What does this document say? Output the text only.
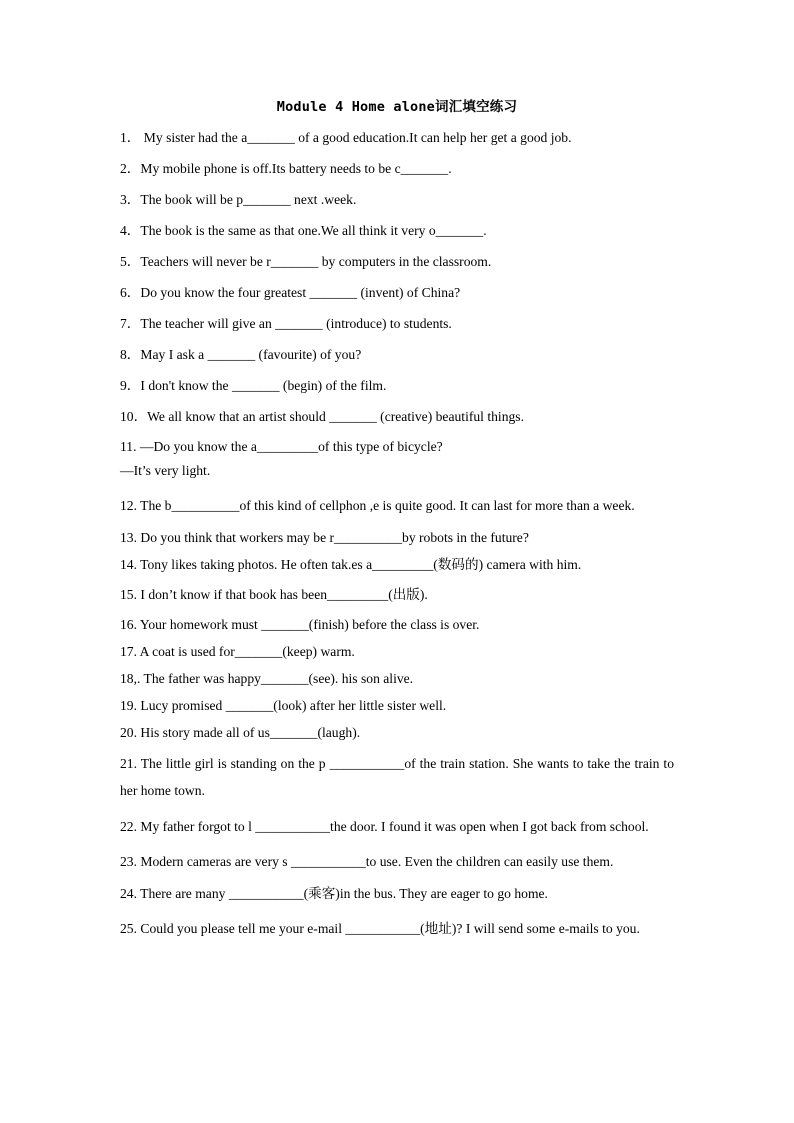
Module 4 Home alone词汇填空练习

1． My sister had the a_______ of a good education.It can help her get a good job.

2．My mobile phone is off.Its battery needs to be c_______.

3．The book will be p_______ next .week.

4．The book is the same as that one.We all think it very o_______.

5．Teachers will never be r_______ by computers in the classroom.

6．Do you know the four greatest _______ (invent) of China?

7．The teacher will give an _______ (introduce) to students.

8．May I ask a _______ (favourite) of you?

9．I don't know the _______ (begin) of the film.

10．We all know that an artist should _______ (creative) beautiful things.

11. —Do you know the a_________of this type of bicycle?
—It’s very light.

12. The b__________of this kind of cellphon ,e is quite good. It can last for more than a week.

13. Do you think that workers may be r__________by robots in the future?

14. Tony likes taking photos. He often tak.es a_________(数码的) camera with him.

15. I don’t know if that book has been_________(出版).

16. Your homework must _______(finish) before the class is over.

17. A coat is used for_______(keep) warm.

18,. The father was happy_______(see). his son alive.

19. Lucy promised _______(look) after her little sister well.

20. His story made all of us_______(laugh).

21. The little girl is standing on the p ___________of the train station. She wants to take the train to her home town.

22. My father forgot to l ___________the door. I found it was open when I got back from school.

23. Modern cameras are very s ___________to use. Even the children can easily use them.

24. There are many ___________(乘客)in the bus. They are eager to go home.

25. Could you please tell me your e-mail ___________(地址)? I will send some e-mails to you.
